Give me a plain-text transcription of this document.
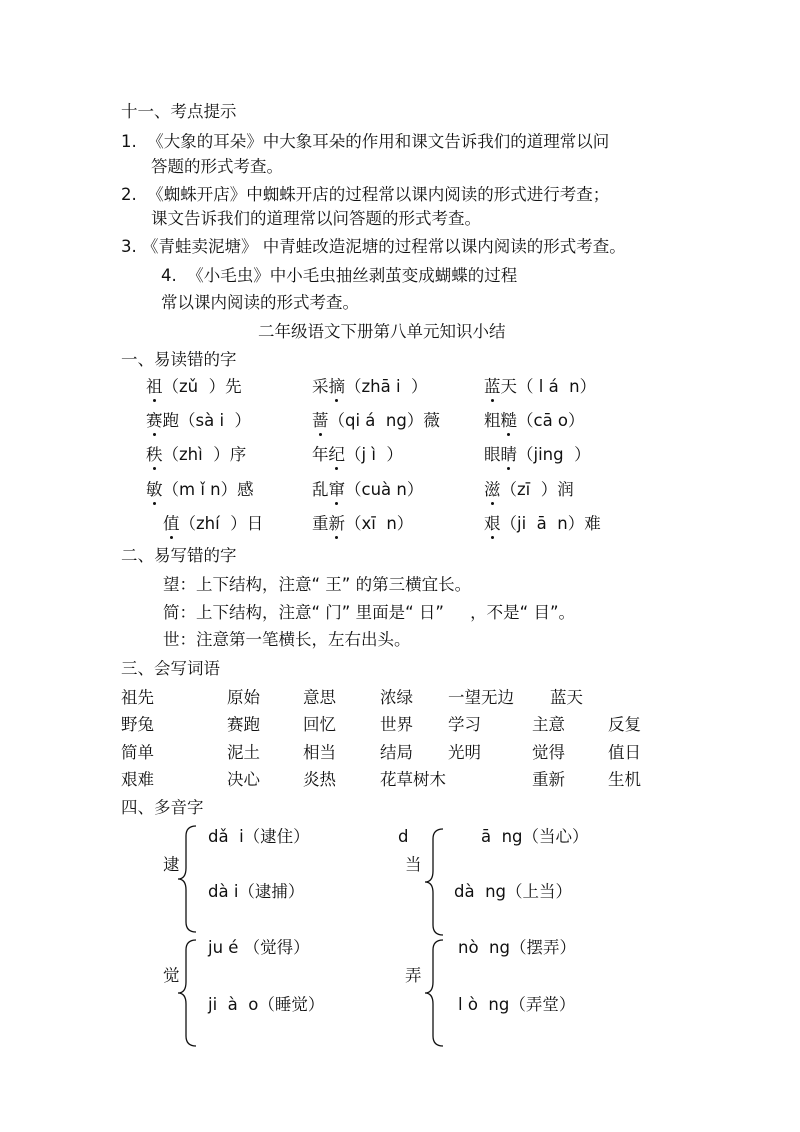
十一、考点提示
1.  《大象的耳朵》中大象耳朵的作用和课文告诉我们的道理常以问
答题的形式考查。
2.  《蜘蛛开店》中蜘蛛开店的过程常以课内阅读的形式进行考查；
课文告诉我们的道理常以问答题的形式考查。
3. 《青蛙卖泥塘》 中青蛙改造泥塘的过程常以课内阅读的形式考查。
4.  《小毛虫》中小毛虫抽丝剥茧变成蝴蝶的过程
常以课内阅读的形式考查。
二年级语文下册第八单元知识小结
一、易读错的字
祖（zǔ  ）先	采摘（zhā i  ）	蓝天（ l á  n）
赛跑（sà i  ）	蔷（qi á  ng）薇	粗糙（cā o）
秩（zhì  ）序	年纪（j ì  ）	眼睛（jing  ）
敏（m ǐ n）感	乱窜（cuà n）	滋（zī  ）润
值（zhí  ）日	重新（xī  n）	艰（ji  ā  n）难
二、易写错的字
望：上下结构，注意“ 王” 的第三横宜长。
简：上下结构，注意“ 门” 里面是“ 日”     ，不是“ 目”。
世：注意第一笔横长，左右出头。
三、会写词语
祖先	原始	意思	浓绿 一望无边 蓝天
野兔	赛跑	回忆	世界 学习	主意	反复
简单	泥土	相当	结局 光明	觉得	值日
艰难	决心	炎热	花草树木	重新	生机
四、多音字
逮
dǎ  i（逮住）
dà i（逮捕）
d	ā  ng（当心）
当
dà  ng（上当）
觉
ju é （觉得）
ji  à  o（睡觉）
弄
nò  ng（摆弄）
l ò  ng（弄堂）
